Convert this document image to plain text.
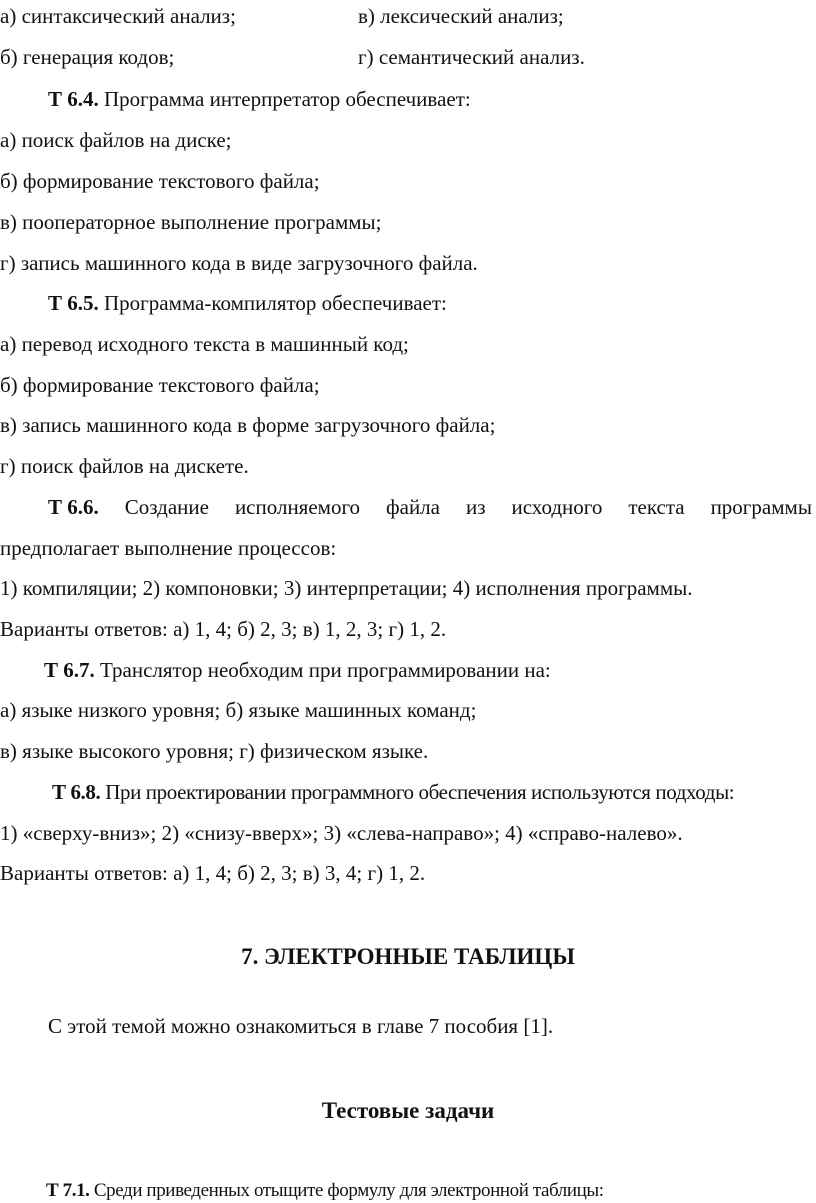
а) синтаксический анализ;	в) лексический анализ;
б) генерация кодов;	г) семантический анализ.
Т 6.4. Программа интерпретатор обеспечивает:
а) поиск файлов на диске;
б) формирование текстового файла;
в) пооператорное выполнение программы;
г) запись машинного кода в виде загрузочного файла.
Т 6.5. Программа-компилятор обеспечивает:
а) перевод исходного текста в машинный код;
б) формирование текстового файла;
в) запись машинного кода в форме загрузочного файла;
г) поиск файлов на дискете.
Т 6.6. Создание исполняемого файла из исходного текста программы
предполагает выполнение процессов:
1) компиляции; 2) компоновки; 3) интерпретации; 4) исполнения программы.
Варианты ответов: а) 1, 4; б) 2, 3; в) 1, 2, 3; г) 1, 2.
Т 6.7. Транслятор необходим при программировании на:
а) языке низкого уровня; б) языке машинных команд;
в) языке высокого уровня; г) физическом языке.
Т 6.8. При проектировании программного обеспечения используются подходы:
1) «сверху-вниз»; 2) «снизу-вверх»; 3) «слева-направо»; 4) «справо-налево».
Варианты ответов: а) 1, 4; б) 2, 3; в) 3, 4; г) 1, 2.
7. ЭЛЕКТРОННЫЕ ТАБЛИЦЫ
С этой темой можно ознакомиться в главе 7 пособия [1].
Тестовые задачи
Т 7.1. Среди приведенных отыщите формулу для электронной таблицы:
